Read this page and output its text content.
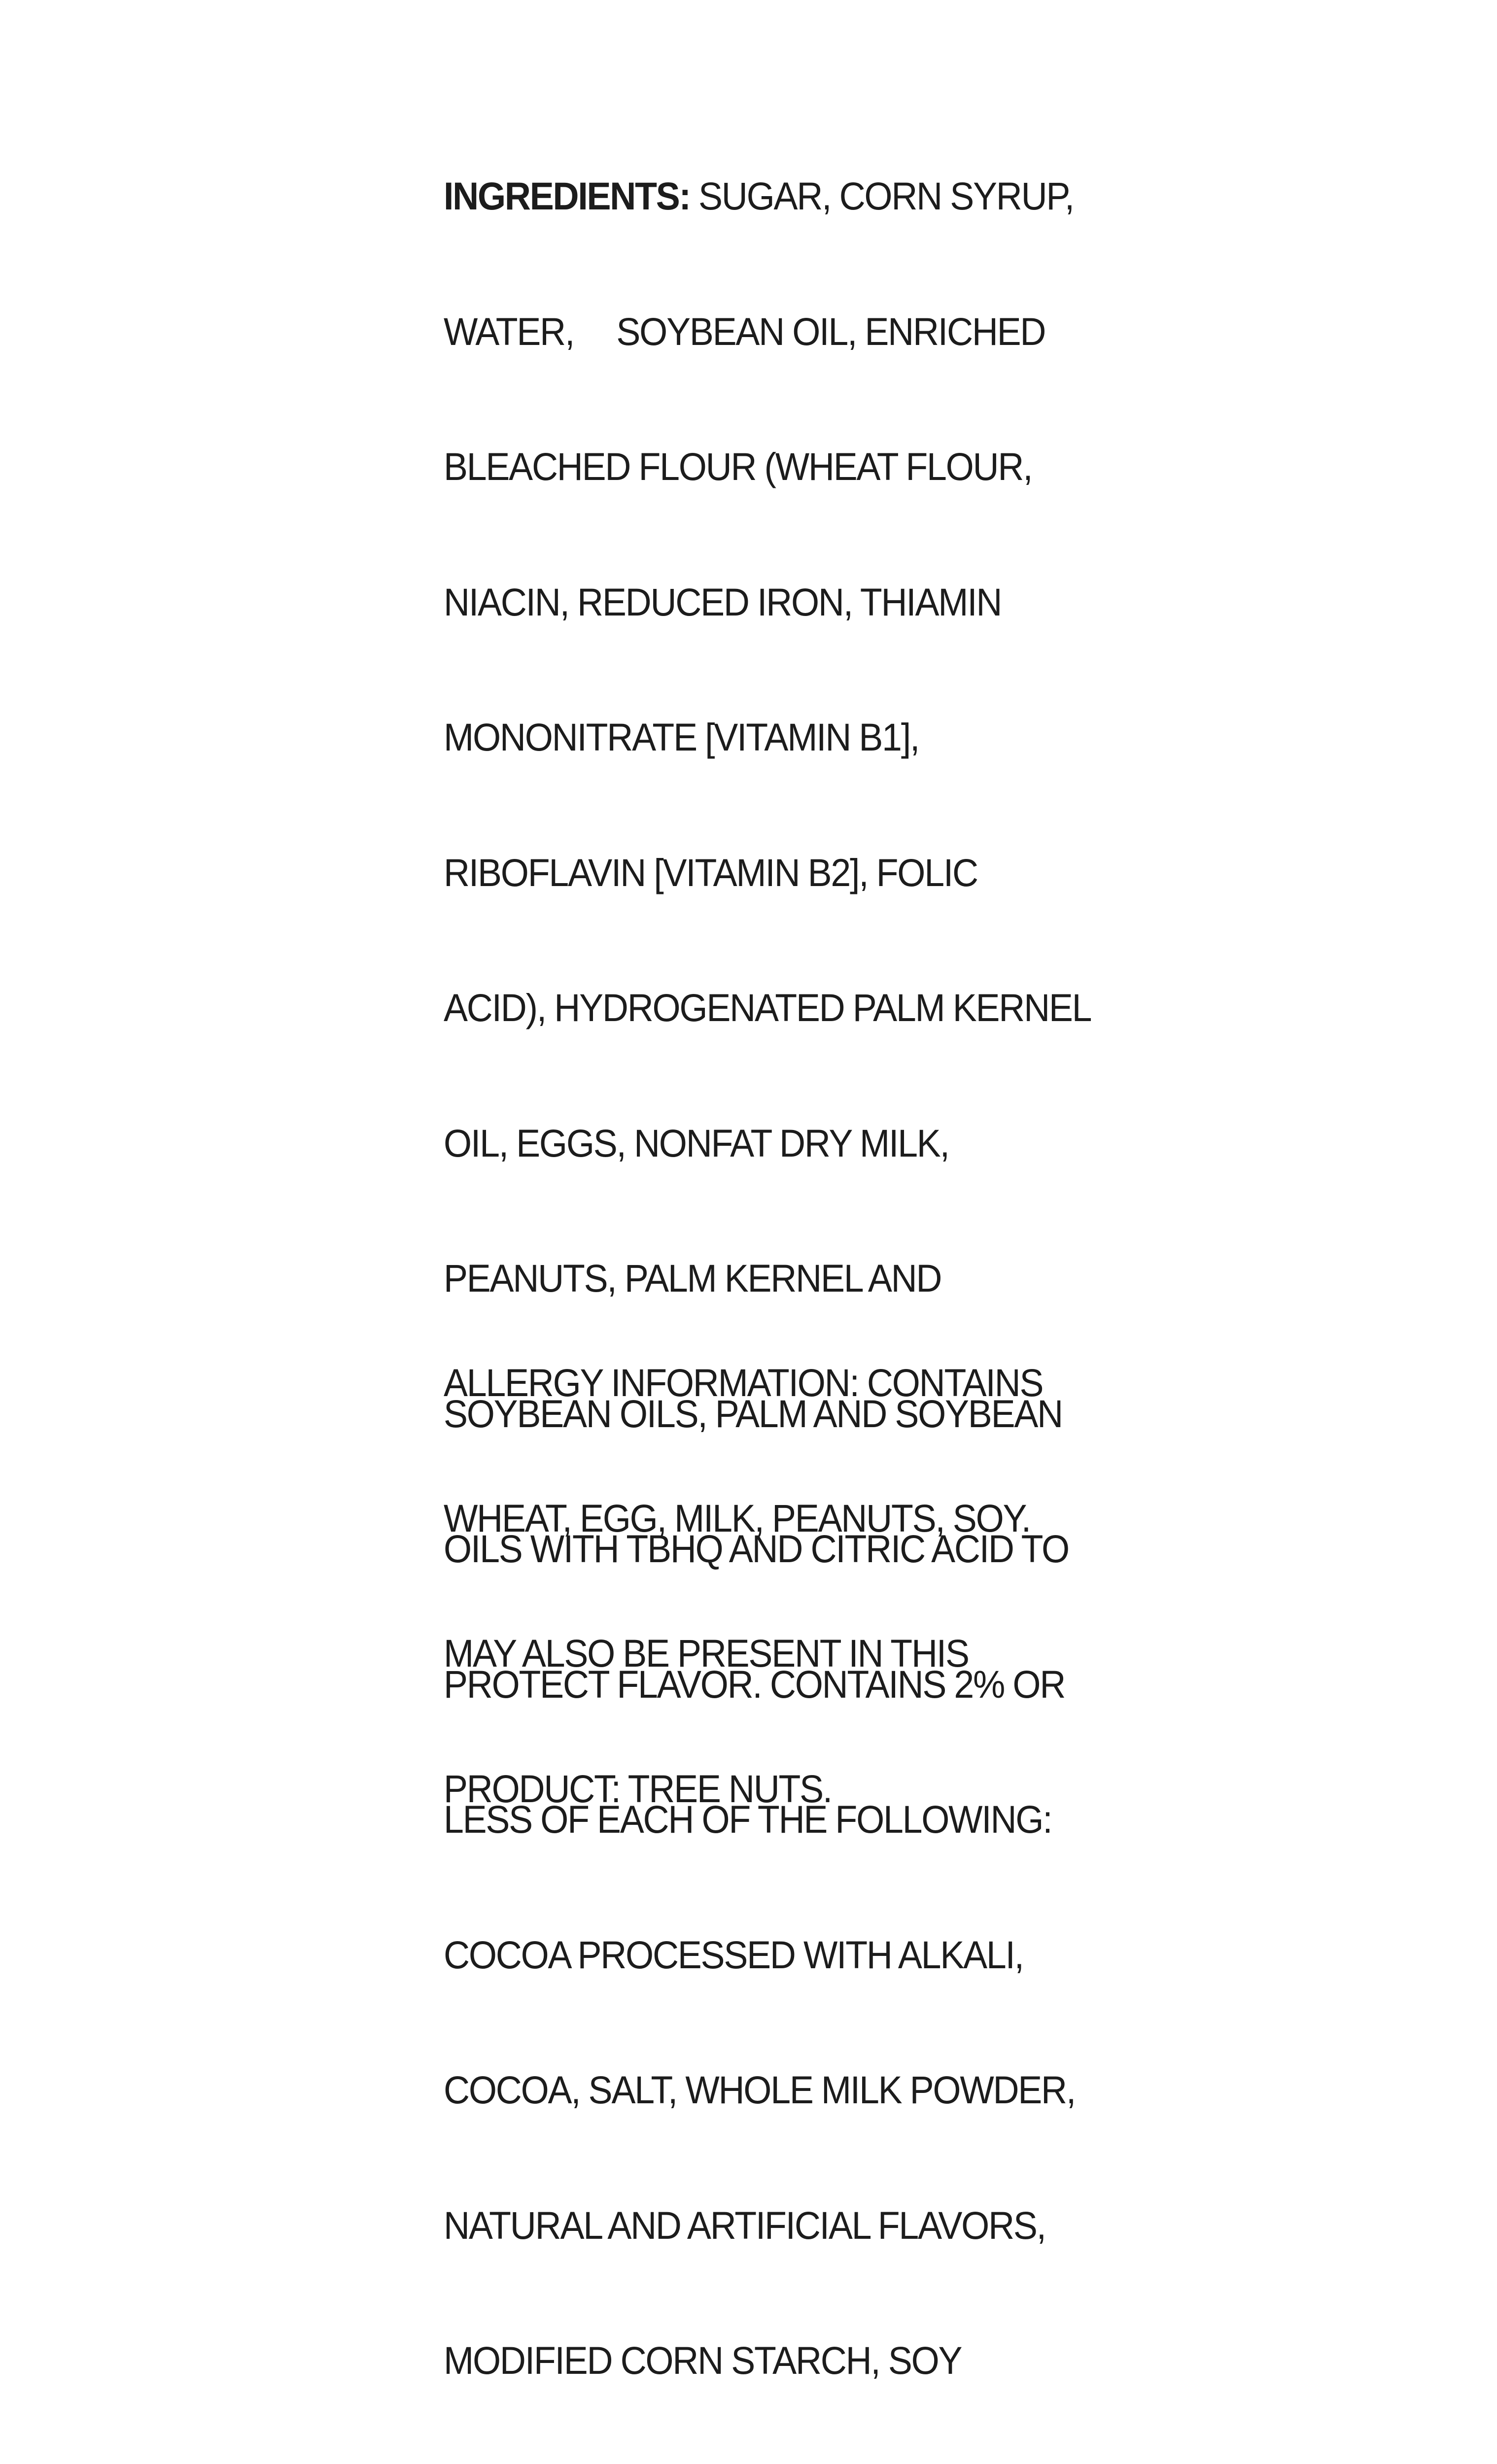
INGREDIENTS: SUGAR, CORN SYRUP,

WATER,     SOYBEAN OIL, ENRICHED

BLEACHED FLOUR (WHEAT FLOUR,

NIACIN, REDUCED IRON, THIAMIN

MONONITRATE [VITAMIN B1],

RIBOFLAVIN [VITAMIN B2], FOLIC

ACID), HYDROGENATED PALM KERNEL

OIL, EGGS, NONFAT DRY MILK,

PEANUTS, PALM KERNEL AND

SOYBEAN OILS, PALM AND SOYBEAN

OILS WITH TBHQ AND CITRIC ACID TO

PROTECT FLAVOR. CONTAINS 2% OR

LESS OF EACH OF THE FOLLOWING:

COCOA PROCESSED WITH ALKALI,

COCOA, SALT, WHOLE MILK POWDER,

NATURAL AND ARTIFICIAL FLAVORS,

MODIFIED CORN STARCH, SOY

ALLERGY INFORMATION: CONTAINS

WHEAT, EGG, MILK, PEANUTS, SOY.

MAY ALSO BE PRESENT IN THIS

PRODUCT: TREE NUTS.
